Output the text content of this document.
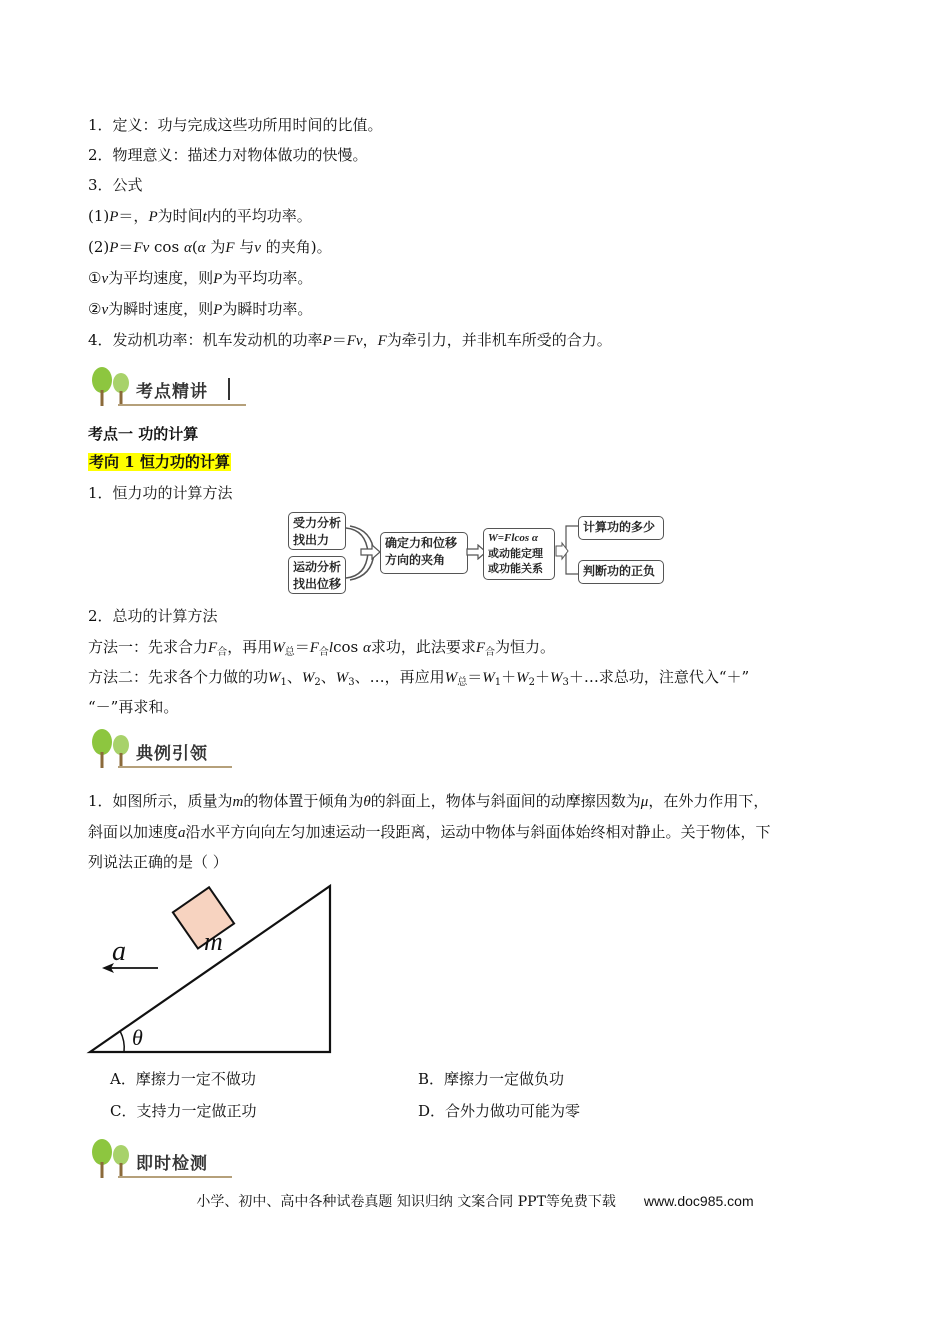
1．定义：功与完成这些功所用时间的比值。
2．物理意义：描述力对物体做功的快慢。
3．公式
(1)P＝，P为时间t内的平均功率。
(2)P＝Fv cos α(α 为F 与v 的夹角)。
①v为平均速度，则P为平均功率。
②v为瞬时速度，则P为瞬时功率。
4．发动机功率：机车发动机的功率P＝Fv，F为牵引力，并非机车所受的合力。
考点精讲
考点一 功的计算
考向 1 恒力功的计算
1．恒力功的计算方法
受力分析
找出力
运动分析
找出位移
确定力和位移
方向的夹角
W=Flcos α
或动能定理
或功能关系
计算功的多少
判断功的正负
2．总功的计算方法
方法一：先求合力$F_合$，再用$W_总=F_合lcos$ α求功，此法要求$F_合$为恒力。
方法二：先求各个力做的功$W_1$、$W_2$、$W_3$、…，再应用$W_总=W_1+W_2+W_3+\dots$求总功，注意代入“＋”
“－”再求和。
典例引领
1．如图所示，质量为m的物体置于倾角为θ的斜面上，物体与斜面间的动摩擦因数为μ，在外力作用下，
斜面以加速度a沿水平方向向左匀加速运动一段距离，运动中物体与斜面体始终相对静止。关于物体，下
列说法正确的是（ ）
m
a
θ
A．摩擦力一定不做功	B．摩擦力一定做负功
C．支持力一定做正功	D．合外力做功可能为零
即时检测
小学、初中、高中各种试卷真题 知识归纳 文案合同 PPT等免费下载 www.doc985.com
